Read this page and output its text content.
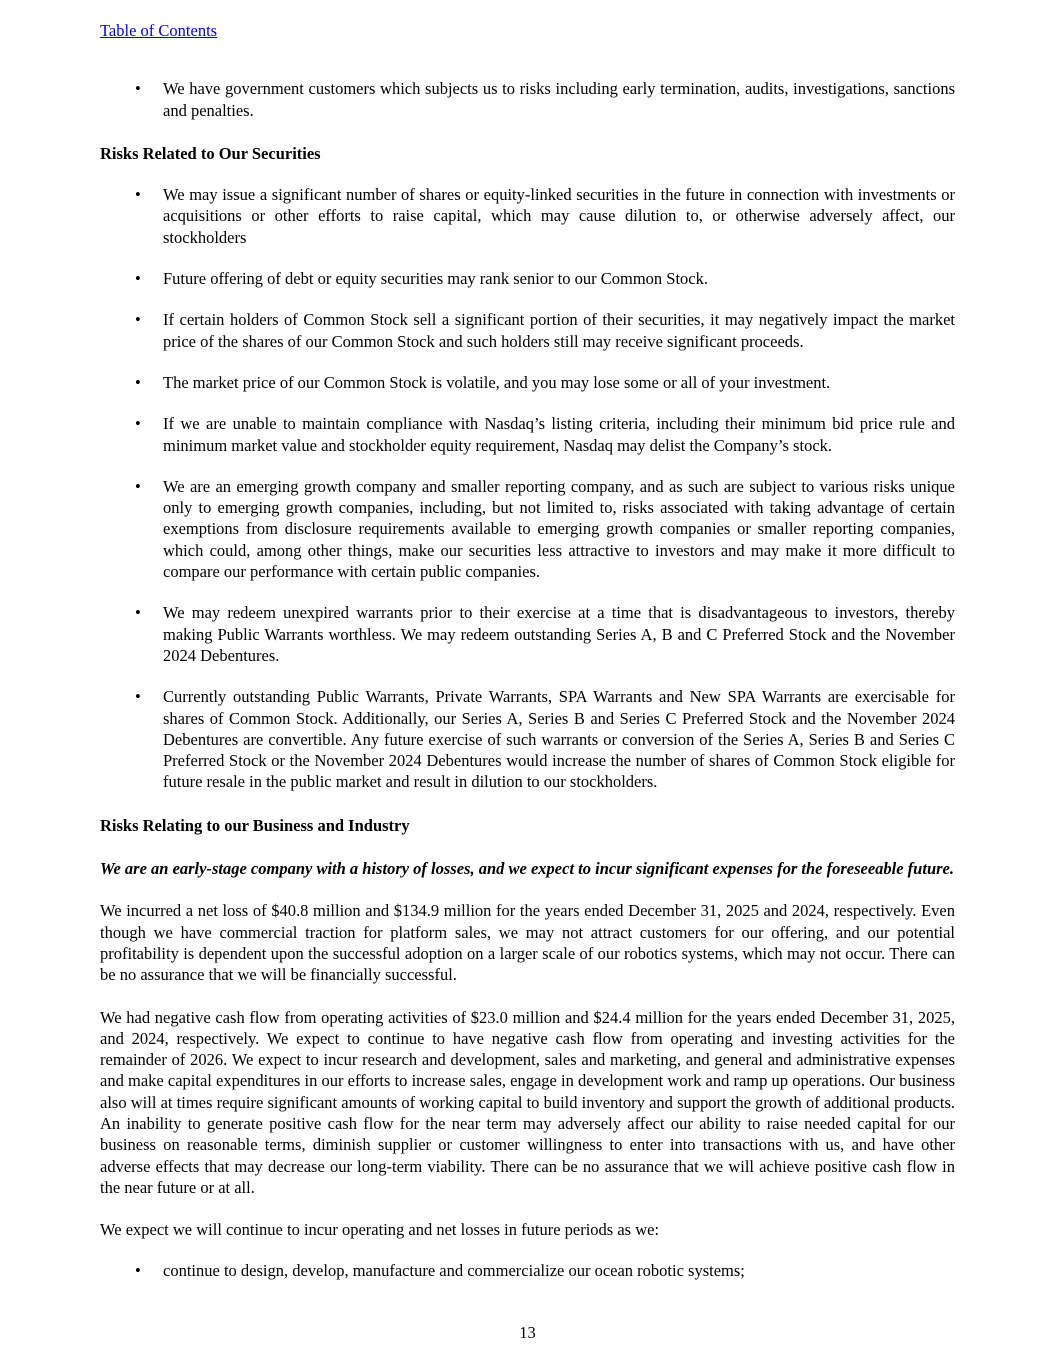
Table of Contents
•	We have government customers which subjects us to risks including early termination, audits, investigations, sanctions and penalties.
Risks Related to Our Securities
•	We may issue a significant number of shares or equity-linked securities in the future in connection with investments or acquisitions or other efforts to raise capital, which may cause dilution to, or otherwise adversely affect, our stockholders
•	Future offering of debt or equity securities may rank senior to our Common Stock.
•	If certain holders of Common Stock sell a significant portion of their securities, it may negatively impact the market price of the shares of our Common Stock and such holders still may receive significant proceeds.
•	The market price of our Common Stock is volatile, and you may lose some or all of your investment.
•	If we are unable to maintain compliance with Nasdaq’s listing criteria, including their minimum bid price rule and minimum market value and stockholder equity requirement, Nasdaq may delist the Company’s stock.
•	We are an emerging growth company and smaller reporting company, and as such are subject to various risks unique only to emerging growth companies, including, but not limited to, risks associated with taking advantage of certain exemptions from disclosure requirements available to emerging growth companies or smaller reporting companies, which could, among other things, make our securities less attractive to investors and may make it more difficult to compare our performance with certain public companies.
•	We may redeem unexpired warrants prior to their exercise at a time that is disadvantageous to investors, thereby making Public Warrants worthless. We may redeem outstanding Series A, B and C Preferred Stock and the November 2024 Debentures.
•	Currently outstanding Public Warrants, Private Warrants, SPA Warrants and New SPA Warrants are exercisable for shares of Common Stock. Additionally, our Series A, Series B and Series C Preferred Stock and the November 2024 Debentures are convertible. Any future exercise of such warrants or conversion of the Series A, Series B and Series C Preferred Stock or the November 2024 Debentures would increase the number of shares of Common Stock eligible for future resale in the public market and result in dilution to our stockholders.
Risks Relating to our Business and Industry
We are an early-stage company with a history of losses, and we expect to incur significant expenses for the foreseeable future.
We incurred a net loss of $40.8 million and $134.9 million for the years ended December 31, 2025 and 2024, respectively. Even though we have commercial traction for platform sales, we may not attract customers for our offering, and our potential profitability is dependent upon the successful adoption on a larger scale of our robotics systems, which may not occur. There can be no assurance that we will be financially successful.
We had negative cash flow from operating activities of $23.0 million and $24.4 million for the years ended December 31, 2025, and 2024, respectively. We expect to continue to have negative cash flow from operating and investing activities for the remainder of 2026. We expect to incur research and development, sales and marketing, and general and administrative expenses and make capital expenditures in our efforts to increase sales, engage in development work and ramp up operations. Our business also will at times require significant amounts of working capital to build inventory and support the growth of additional products. An inability to generate positive cash flow for the near term may adversely affect our ability to raise needed capital for our business on reasonable terms, diminish supplier or customer willingness to enter into transactions with us, and have other adverse effects that may decrease our long-term viability. There can be no assurance that we will achieve positive cash flow in the near future or at all.
We expect we will continue to incur operating and net losses in future periods as we:
•	continue to design, develop, manufacture and commercialize our ocean robotic systems;
13
